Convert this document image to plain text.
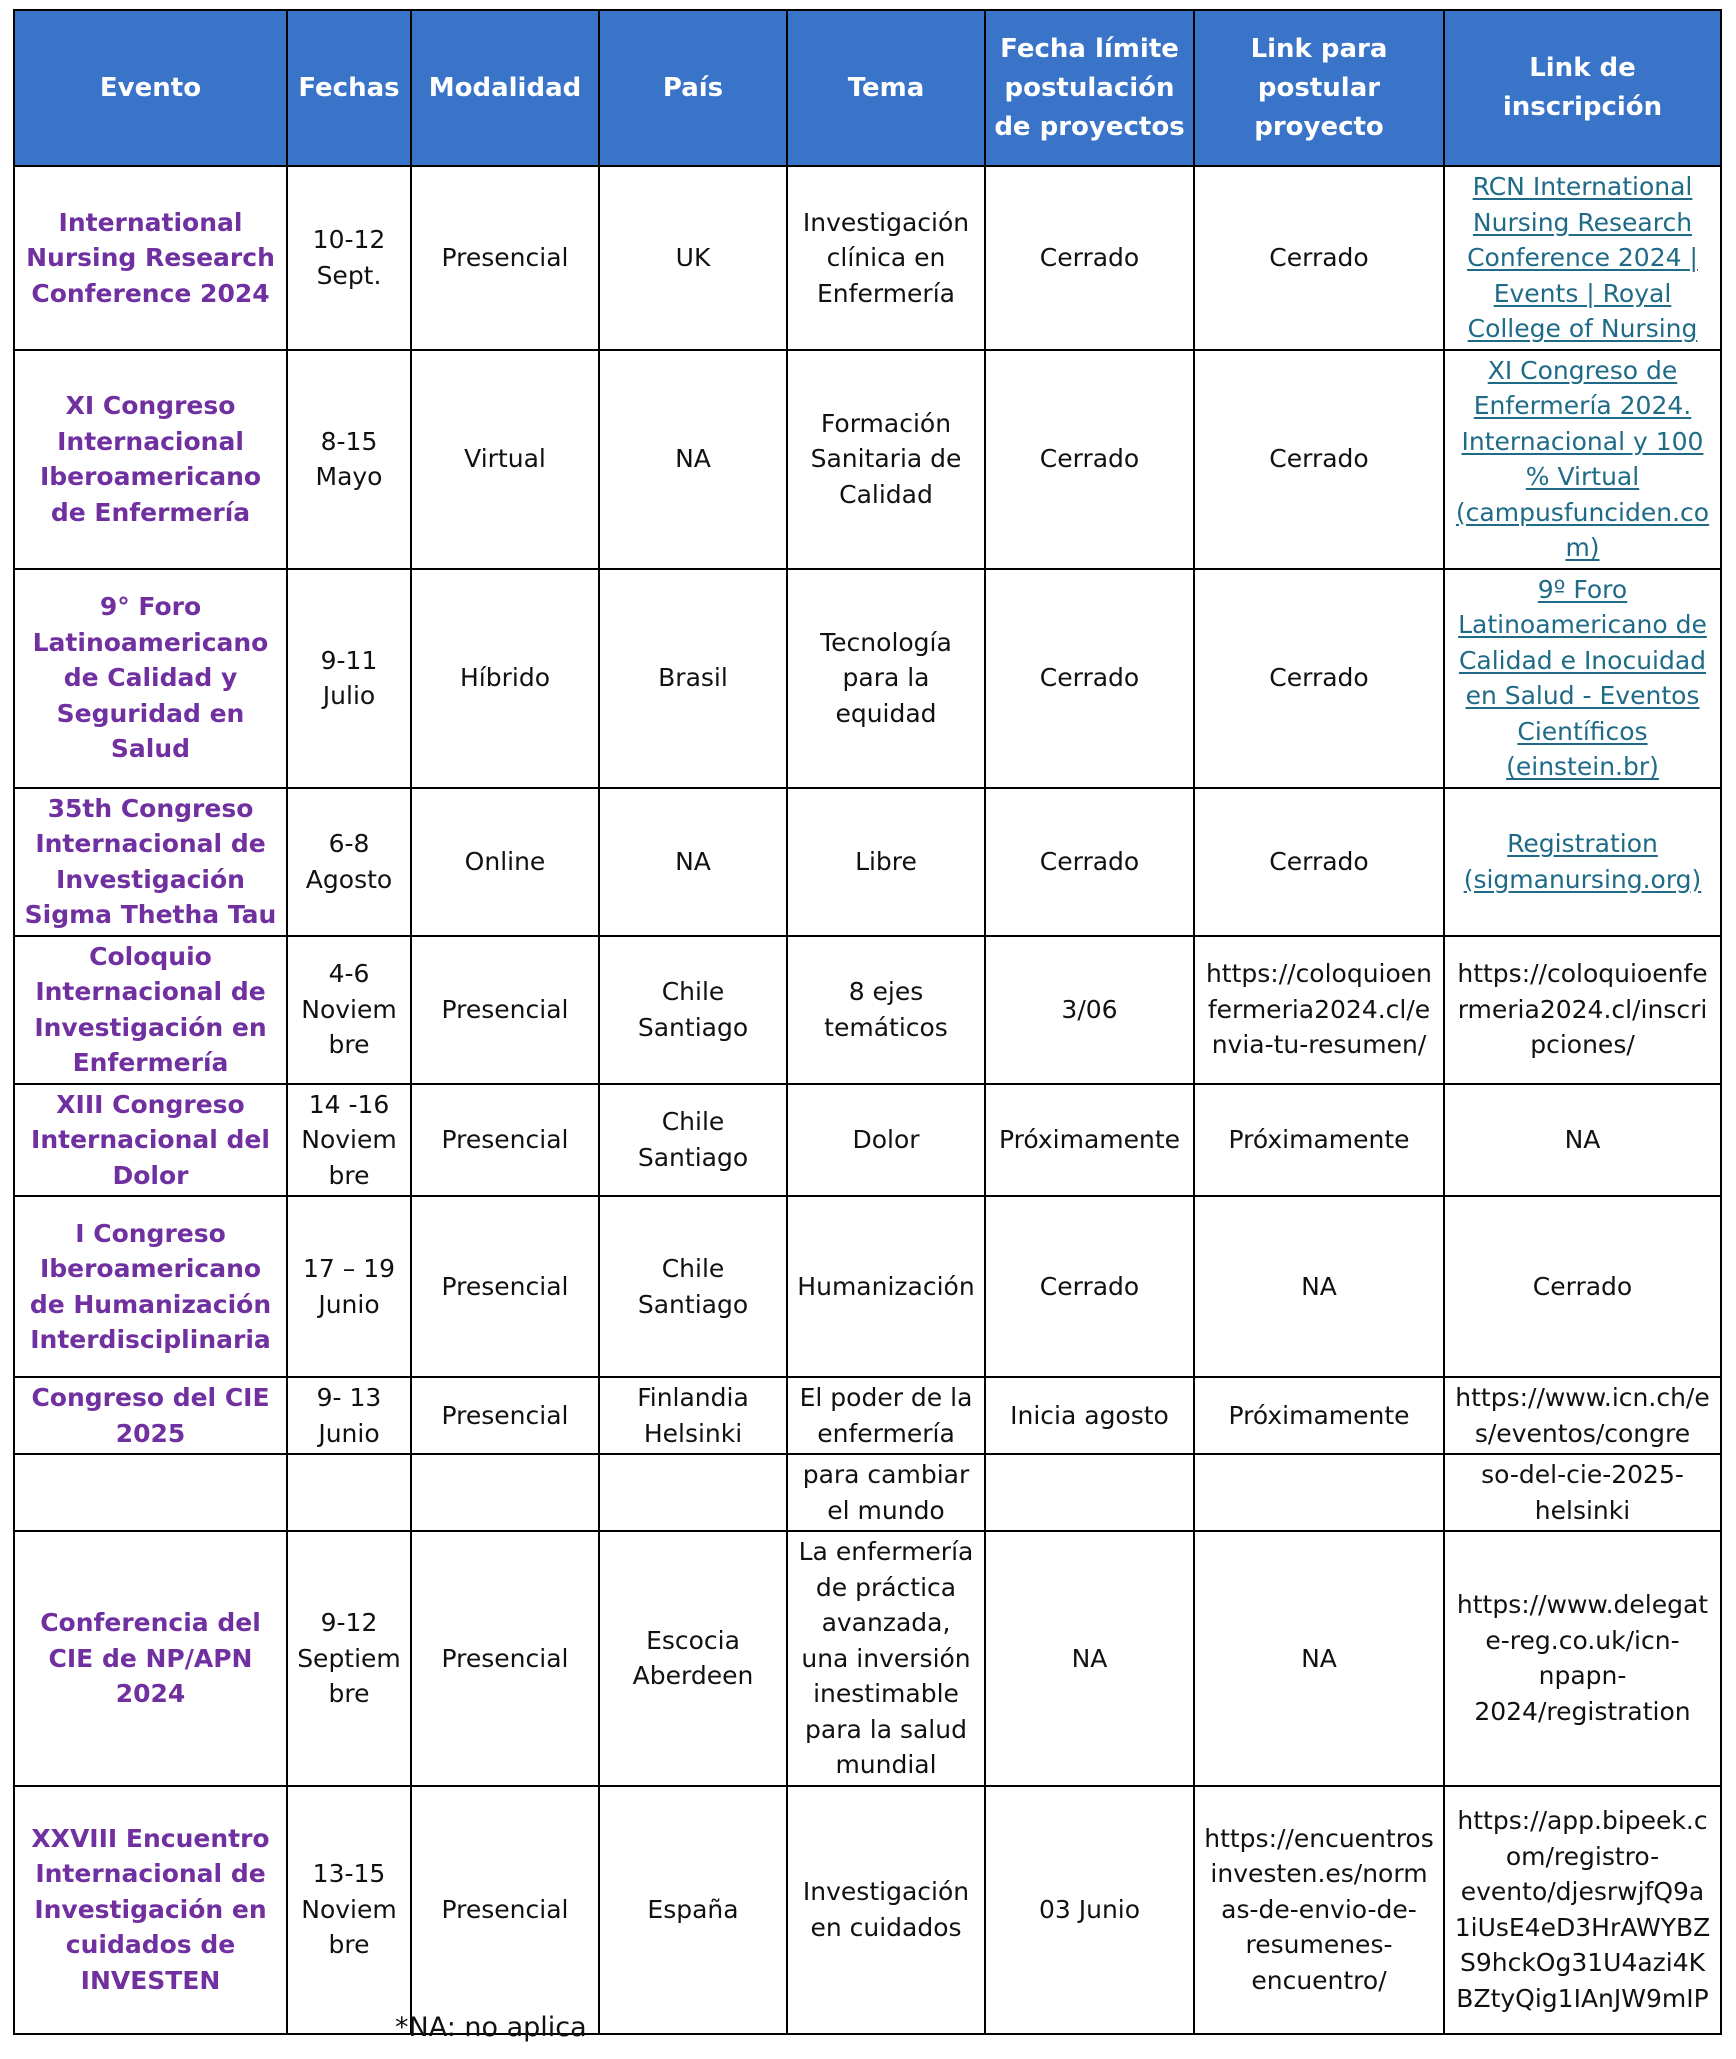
Evento	Fechas	Modalidad	País	Tema	Fecha límite postulación de proyectos	Link para postular proyecto	Link de inscripción
International Nursing Research Conference 2024	10-12 Sept.	Presencial	UK	Investigación clínica en Enfermería	Cerrado	Cerrado	RCN International Nursing Research Conference 2024 | Events | Royal College of Nursing
XI Congreso Internacional Iberoamericano de Enfermería	8-15 Mayo	Virtual	NA	Formación Sanitaria de Calidad	Cerrado	Cerrado	XI Congreso de Enfermería 2024. Internacional y 100 % Virtual (campusfunciden.com)
9° Foro Latinoamericano de Calidad y Seguridad en Salud	9-11 Julio	Híbrido	Brasil	Tecnología para la equidad	Cerrado	Cerrado	9º Foro Latinoamericano de Calidad e Inocuidad en Salud - Eventos Científicos (einstein.br)
35th Congreso Internacional de Investigación Sigma Thetha Tau	6-8 Agosto	Online	NA	Libre	Cerrado	Cerrado	Registration (sigmanursing.org)
Coloquio Internacional de Investigación en Enfermería	4-6 Noviembre	Presencial	Chile Santiago	8 ejes temáticos	3/06	https://coloquioenfermeria2024.cl/envia-tu-resumen/	https://coloquioenfermeria2024.cl/inscripciones/
XIII Congreso Internacional del Dolor	14 -16 Noviembre	Presencial	Chile Santiago	Dolor	Próximamente	Próximamente	NA
I Congreso Iberoamericano de Humanización Interdisciplinaria	17 – 19 Junio	Presencial	Chile Santiago	Humanización	Cerrado	NA	Cerrado
Congreso del CIE 2025	9- 13 Junio	Presencial	Finlandia Helsinki	El poder de la enfermería	Inicia agosto	Próximamente	https://www.icn.ch/es/eventos/congre
				para cambiar el mundo			so-del-cie-2025-helsinki
Conferencia del CIE de NP/APN 2024	9-12 Septiembre	Presencial	Escocia Aberdeen	La enfermería de práctica avanzada, una inversión inestimable para la salud mundial	NA	NA	https://www.delegate-reg.co.uk/icn-npapn-2024/registration
XXVIII Encuentro Internacional de Investigación en cuidados de INVESTEN	13-15 Noviembre	Presencial	España	Investigación en cuidados	03 Junio	https://encuentrosinvesten.es/normas-de-envio-de-resumenes-encuentro/	https://app.bipeek.com/registro-evento/djesrwjfQ9a1iUsE4eD3HrAWYBZS9hckOg31U4azi4KBZtyQig1IAnJW9mIP
*NA: no aplica
